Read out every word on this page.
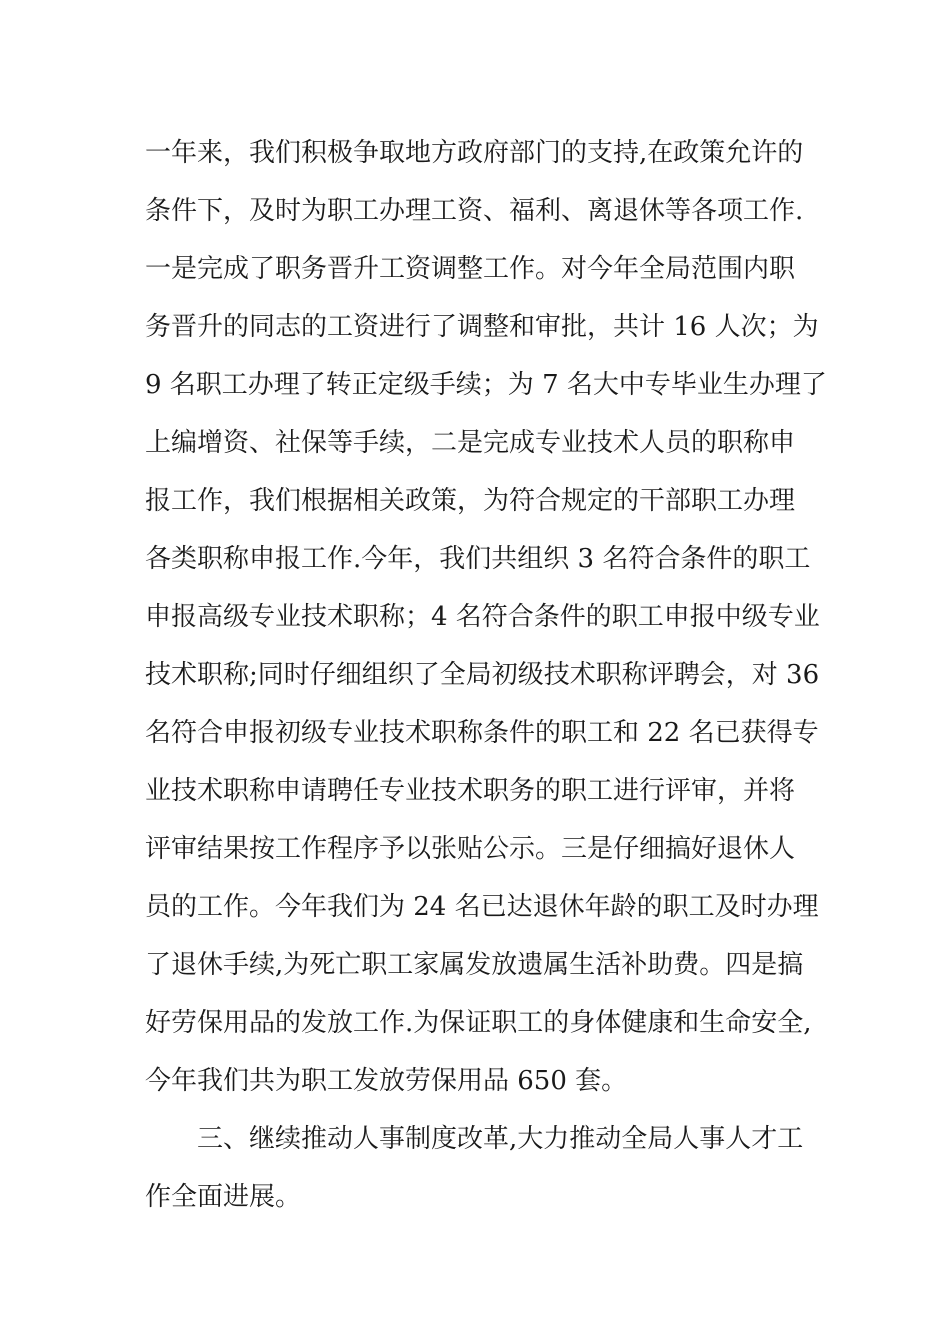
一年来，我们积极争取地方政府部门的支持,在政策允许的
条件下，及时为职工办理工资、福利、离退休等各项工作.
一是完成了职务晋升工资调整工作。对今年全局范围内职
务晋升的同志的工资进行了调整和审批，共计 16 人次；为
9 名职工办理了转正定级手续；为 7 名大中专毕业生办理了
上编增资、社保等手续，二是完成专业技术人员的职称申
报工作，我们根据相关政策，为符合规定的干部职工办理
各类职称申报工作.今年，我们共组织 3 名符合条件的职工
申报高级专业技术职称；4 名符合条件的职工申报中级专业
技术职称;同时仔细组织了全局初级技术职称评聘会，对 36
名符合申报初级专业技术职称条件的职工和 22 名已获得专
业技术职称申请聘任专业技术职务的职工进行评审，并将
评审结果按工作程序予以张贴公示。三是仔细搞好退休人
员的工作。今年我们为 24 名已达退休年龄的职工及时办理
了退休手续,为死亡职工家属发放遗属生活补助费。四是搞
好劳保用品的发放工作.为保证职工的身体健康和生命安全,
今年我们共为职工发放劳保用品 650 套。
三、继续推动人事制度改革,大力推动全局人事人才工
作全面进展。
